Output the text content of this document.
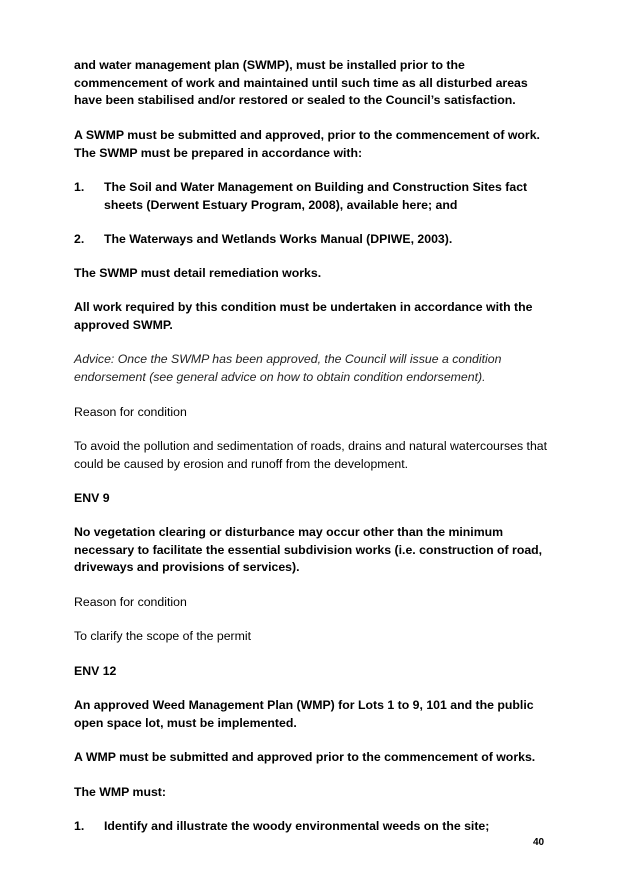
and water management plan (SWMP), must be installed prior to the commencement of work and maintained until such time as all disturbed areas have been stabilised and/or restored or sealed to the Council’s satisfaction.

A SWMP must be submitted and approved, prior to the commencement of work. The SWMP must be prepared in accordance with:

1. The Soil and Water Management on Building and Construction Sites fact sheets (Derwent Estuary Program, 2008), available here; and
2. The Waterways and Wetlands Works Manual (DPIWE, 2003).

The SWMP must detail remediation works.

All work required by this condition must be undertaken in accordance with the approved SWMP.

Advice: Once the SWMP has been approved, the Council will issue a condition endorsement (see general advice on how to obtain condition endorsement).

Reason for condition

To avoid the pollution and sedimentation of roads, drains and natural watercourses that could be caused by erosion and runoff from the development.

ENV 9

No vegetation clearing or disturbance may occur other than the minimum necessary to facilitate the essential subdivision works (i.e. construction of road, driveways and provisions of services).

Reason for condition

To clarify the scope of the permit

ENV 12

An approved Weed Management Plan (WMP) for Lots 1 to 9, 101 and the public open space lot, must be implemented.

A WMP must be submitted and approved prior to the commencement of works.

The WMP must:

1. Identify and illustrate the woody environmental weeds on the site;
40
